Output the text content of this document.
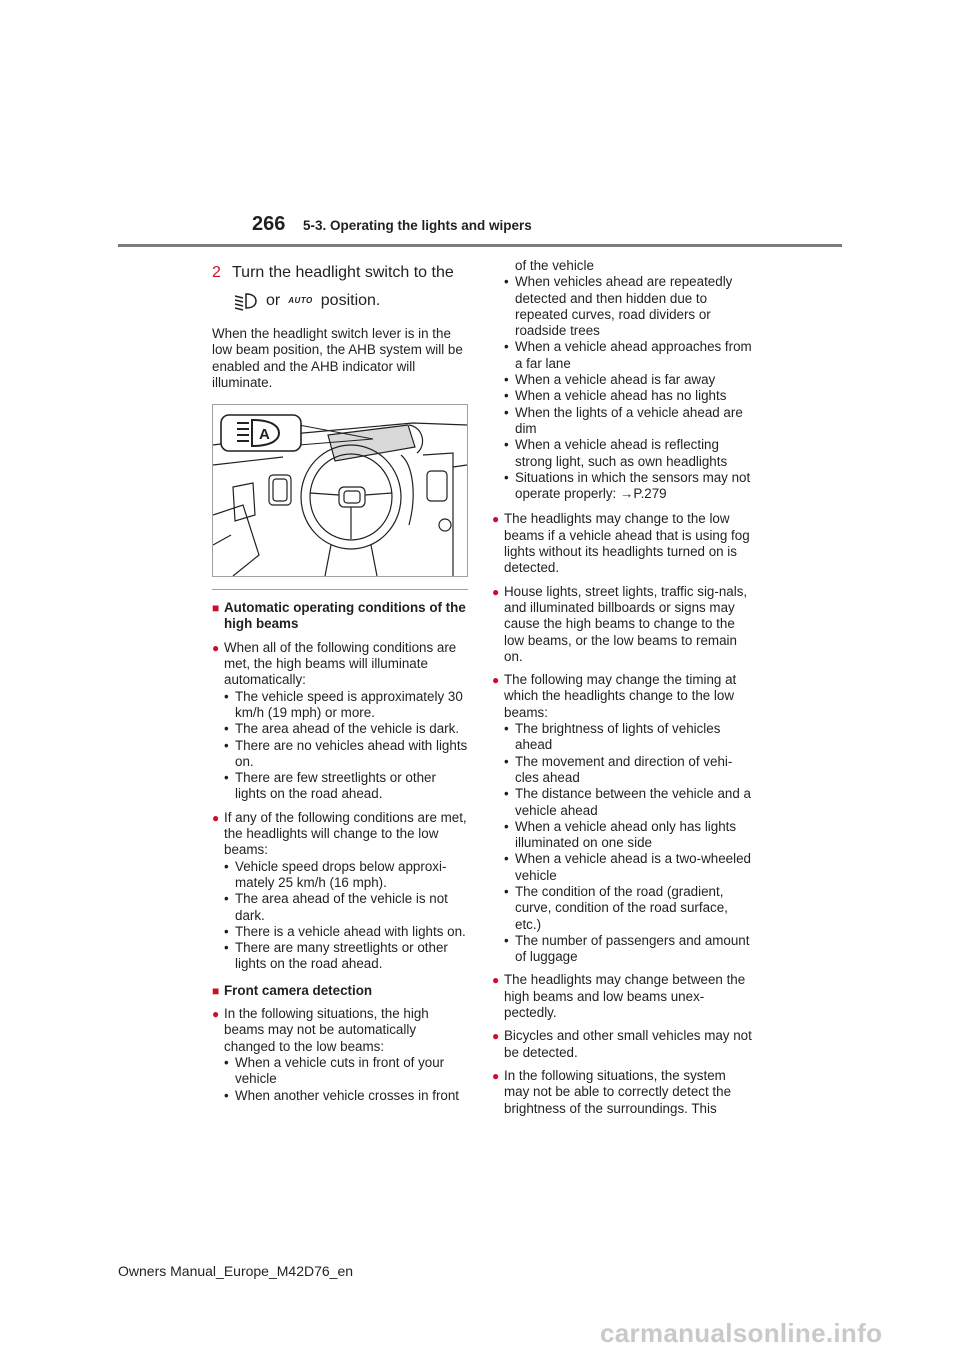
266 5-3. Operating the lights and wipers
2 Turn the headlight switch to the
or AUTO position.
When the headlight switch lever is in the low beam position, the AHB system will be enabled and the AHB indicator will illuminate.
A
■ Automatic operating conditions of the high beams
● When all of the following conditions are met, the high beams will illuminate automatically:
• The vehicle speed is approximately 30 km/h (19 mph) or more.
• The area ahead of the vehicle is dark.
• There are no vehicles ahead with lights on.
• There are few streetlights or other lights on the road ahead.
● If any of the following conditions are met, the headlights will change to the low beams:
• Vehicle speed drops below approxi-mately 25 km/h (16 mph).
• The area ahead of the vehicle is not dark.
• There is a vehicle ahead with lights on.
• There are many streetlights or other lights on the road ahead.
■ Front camera detection
● In the following situations, the high beams may not be automatically changed to the low beams:
• When a vehicle cuts in front of your vehicle
• When another vehicle crosses in front
of the vehicle
• When vehicles ahead are repeatedly detected and then hidden due to repeated curves, road dividers or roadside trees
• When a vehicle ahead approaches from a far lane
• When a vehicle ahead is far away
• When a vehicle ahead has no lights
• When the lights of a vehicle ahead are dim
• When a vehicle ahead is reflecting strong light, such as own headlights
• Situations in which the sensors may not operate properly: →P.279
● The headlights may change to the low beams if a vehicle ahead that is using fog lights without its headlights turned on is detected.
● House lights, street lights, traffic sig-nals, and illuminated billboards or signs may cause the high beams to change to the low beams, or the low beams to remain on.
● The following may change the timing at which the headlights change to the low beams:
• The brightness of lights of vehicles ahead
• The movement and direction of vehi-cles ahead
• The distance between the vehicle and a vehicle ahead
• When a vehicle ahead only has lights illuminated on one side
• When a vehicle ahead is a two-wheeled vehicle
• The condition of the road (gradient, curve, condition of the road surface, etc.)
• The number of passengers and amount of luggage
● The headlights may change between the high beams and low beams unex-pectedly.
● Bicycles and other small vehicles may not be detected.
● In the following situations, the system may not be able to correctly detect the brightness of the surroundings. This
Owners Manual_Europe_M42D76_en
carmanualsonline.info
